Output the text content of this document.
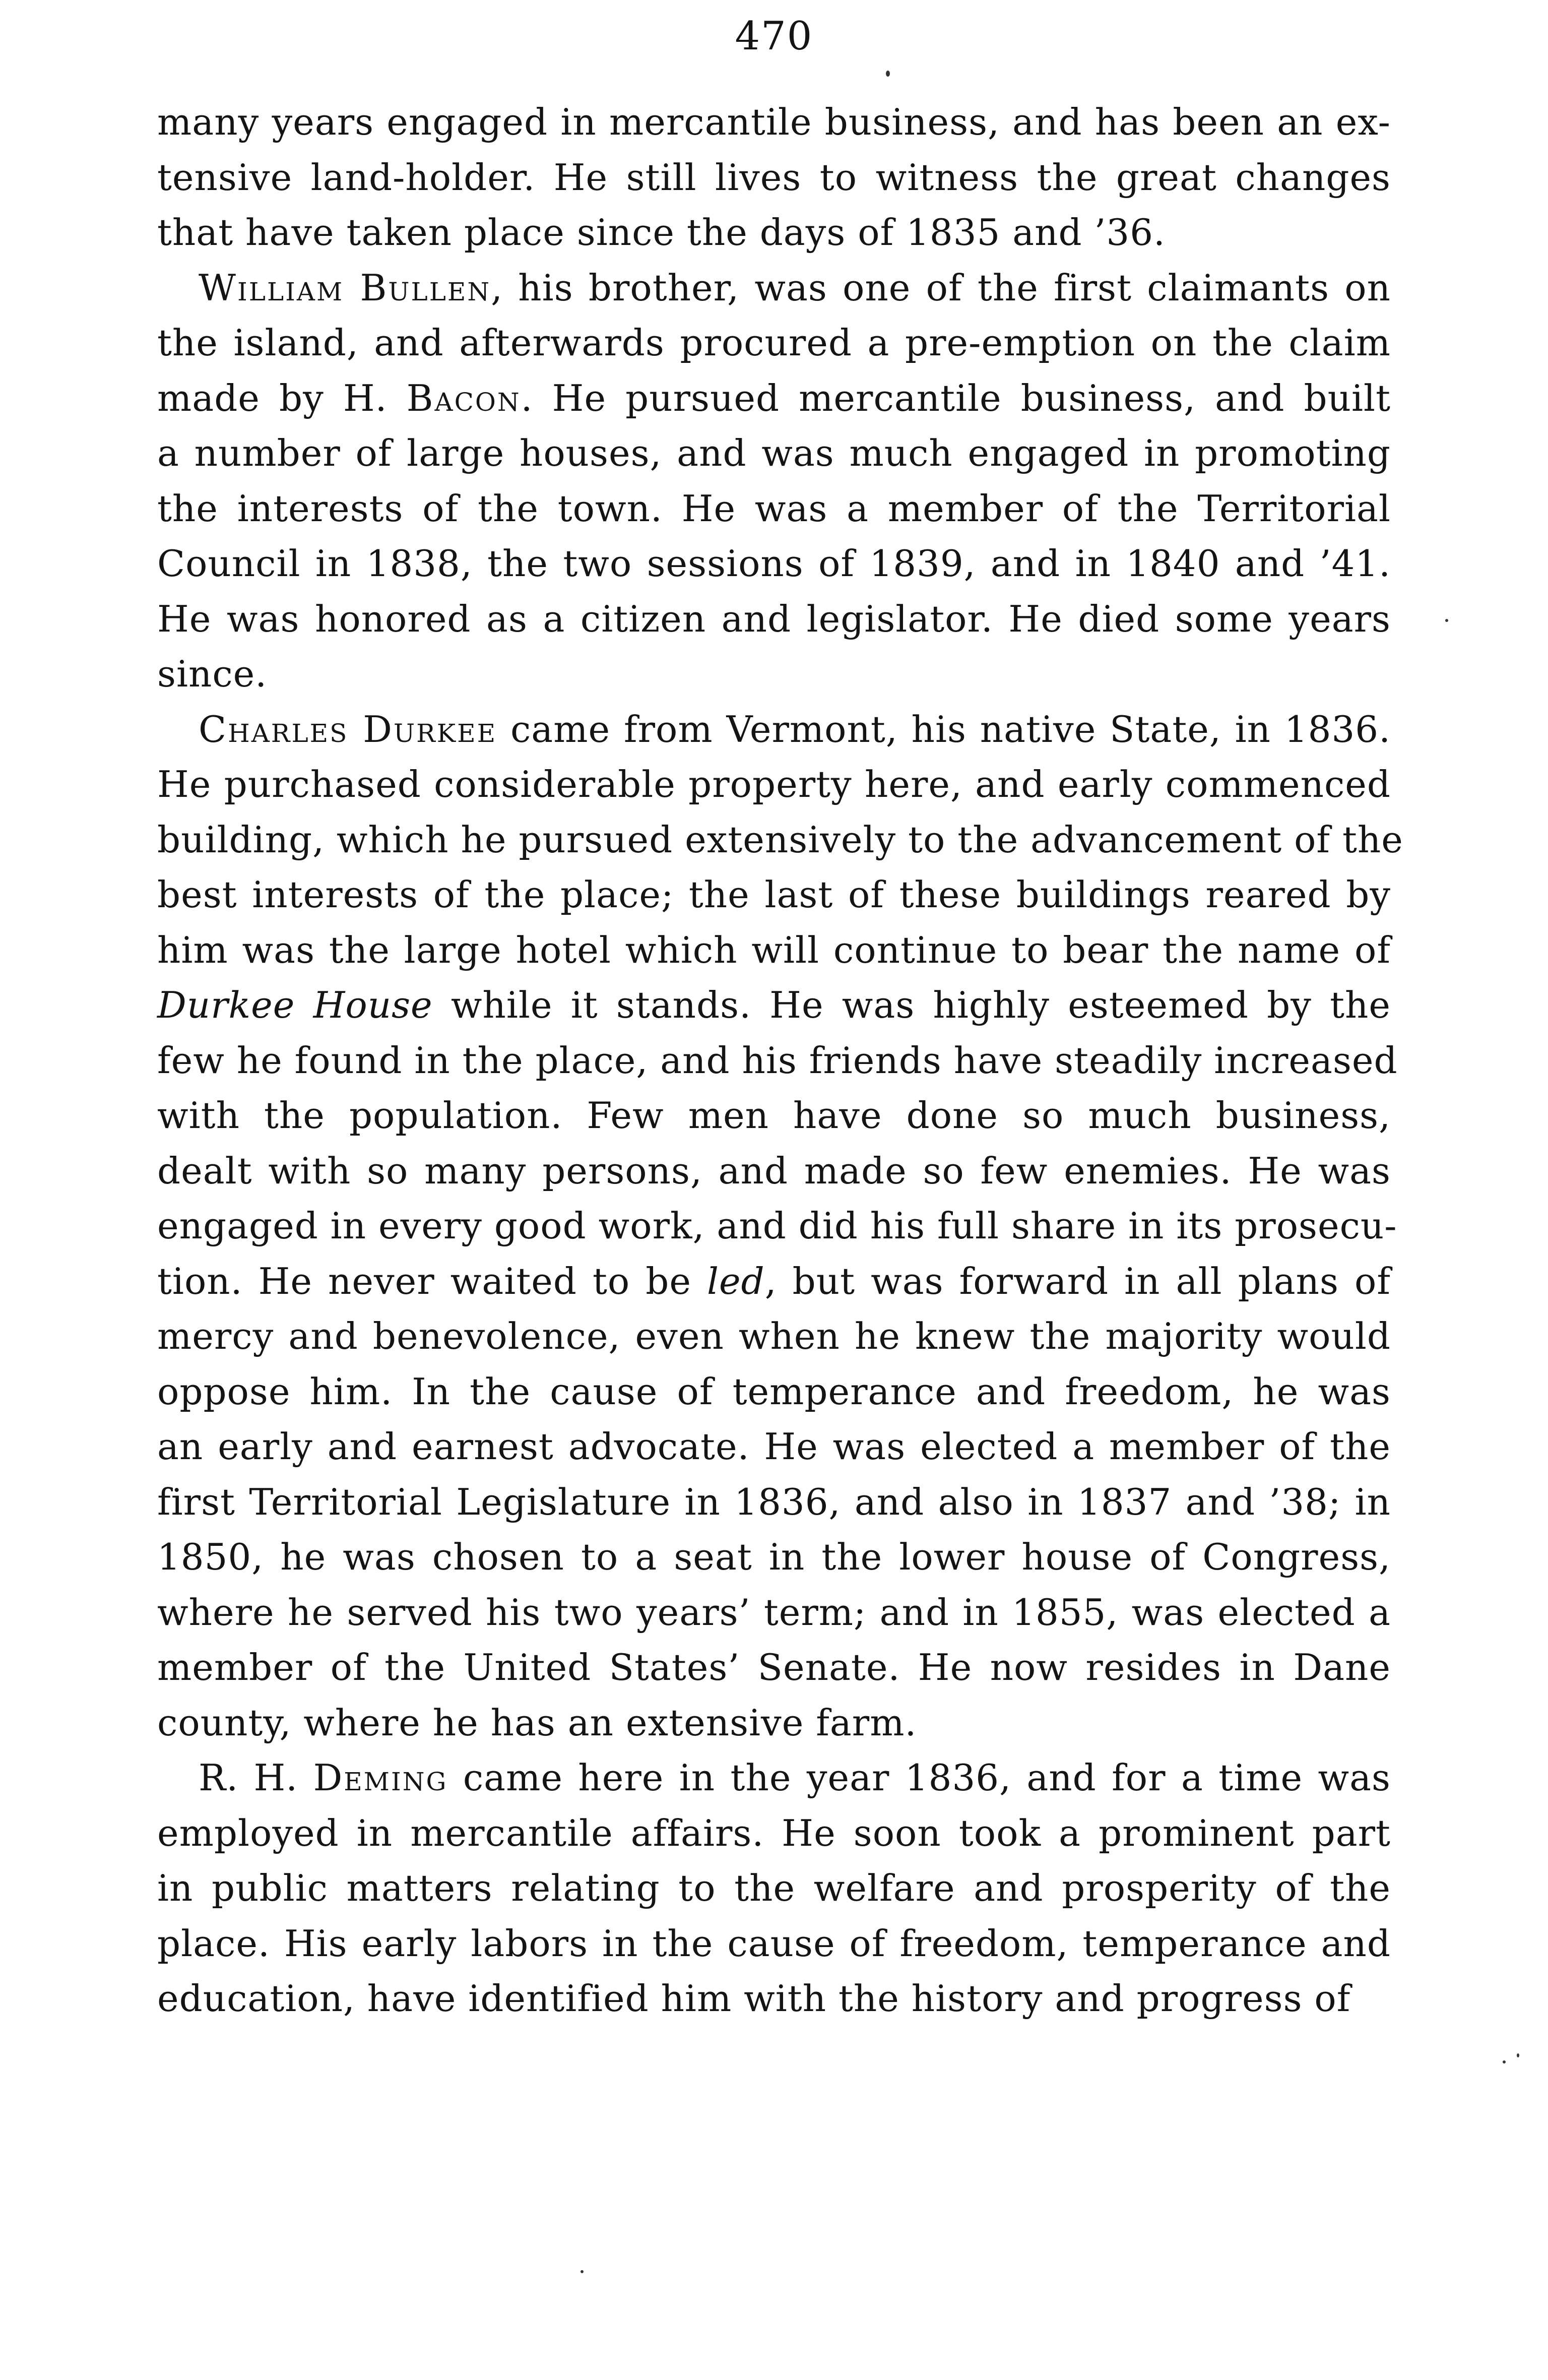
470
many years engaged in mercantile business, and has been an ex-
tensive land-holder. He still lives to witness the great changes
that have taken place since the days of 1835 and ’36.
William Bullen, his brother, was one of the first claimants on
the island, and afterwards procured a pre-emption on the claim
made by H. Bacon. He pursued mercantile business, and built
a number of large houses, and was much engaged in promoting
the interests of the town. He was a member of the Territorial
Council in 1838, the two sessions of 1839, and in 1840 and ’41.
He was honored as a citizen and legislator. He died some years
since.
Charles Durkee came from Vermont, his native State, in 1836.
He purchased considerable property here, and early commenced
building, which he pursued extensively to the advancement of the
best interests of the place; the last of these buildings reared by
him was the large hotel which will continue to bear the name of
Durkee House while it stands. He was highly esteemed by the
few he found in the place, and his friends have steadily increased
with the population. Few men have done so much business,
dealt with so many persons, and made so few enemies. He was
engaged in every good work, and did his full share in its prosecu-
tion. He never waited to be led, but was forward in all plans of
mercy and benevolence, even when he knew the majority would
oppose him. In the cause of temperance and freedom, he was
an early and earnest advocate. He was elected a member of the
first Territorial Legislature in 1836, and also in 1837 and ’38; in
1850, he was chosen to a seat in the lower house of Congress,
where he served his two years’ term; and in 1855, was elected a
member of the United States’ Senate. He now resides in Dane
county, where he has an extensive farm.
R. H. Deming came here in the year 1836, and for a time was
employed in mercantile affairs. He soon took a prominent part
in public matters relating to the welfare and prosperity of the
place. His early labors in the cause of freedom, temperance and
education, have identified him with the history and progress of
